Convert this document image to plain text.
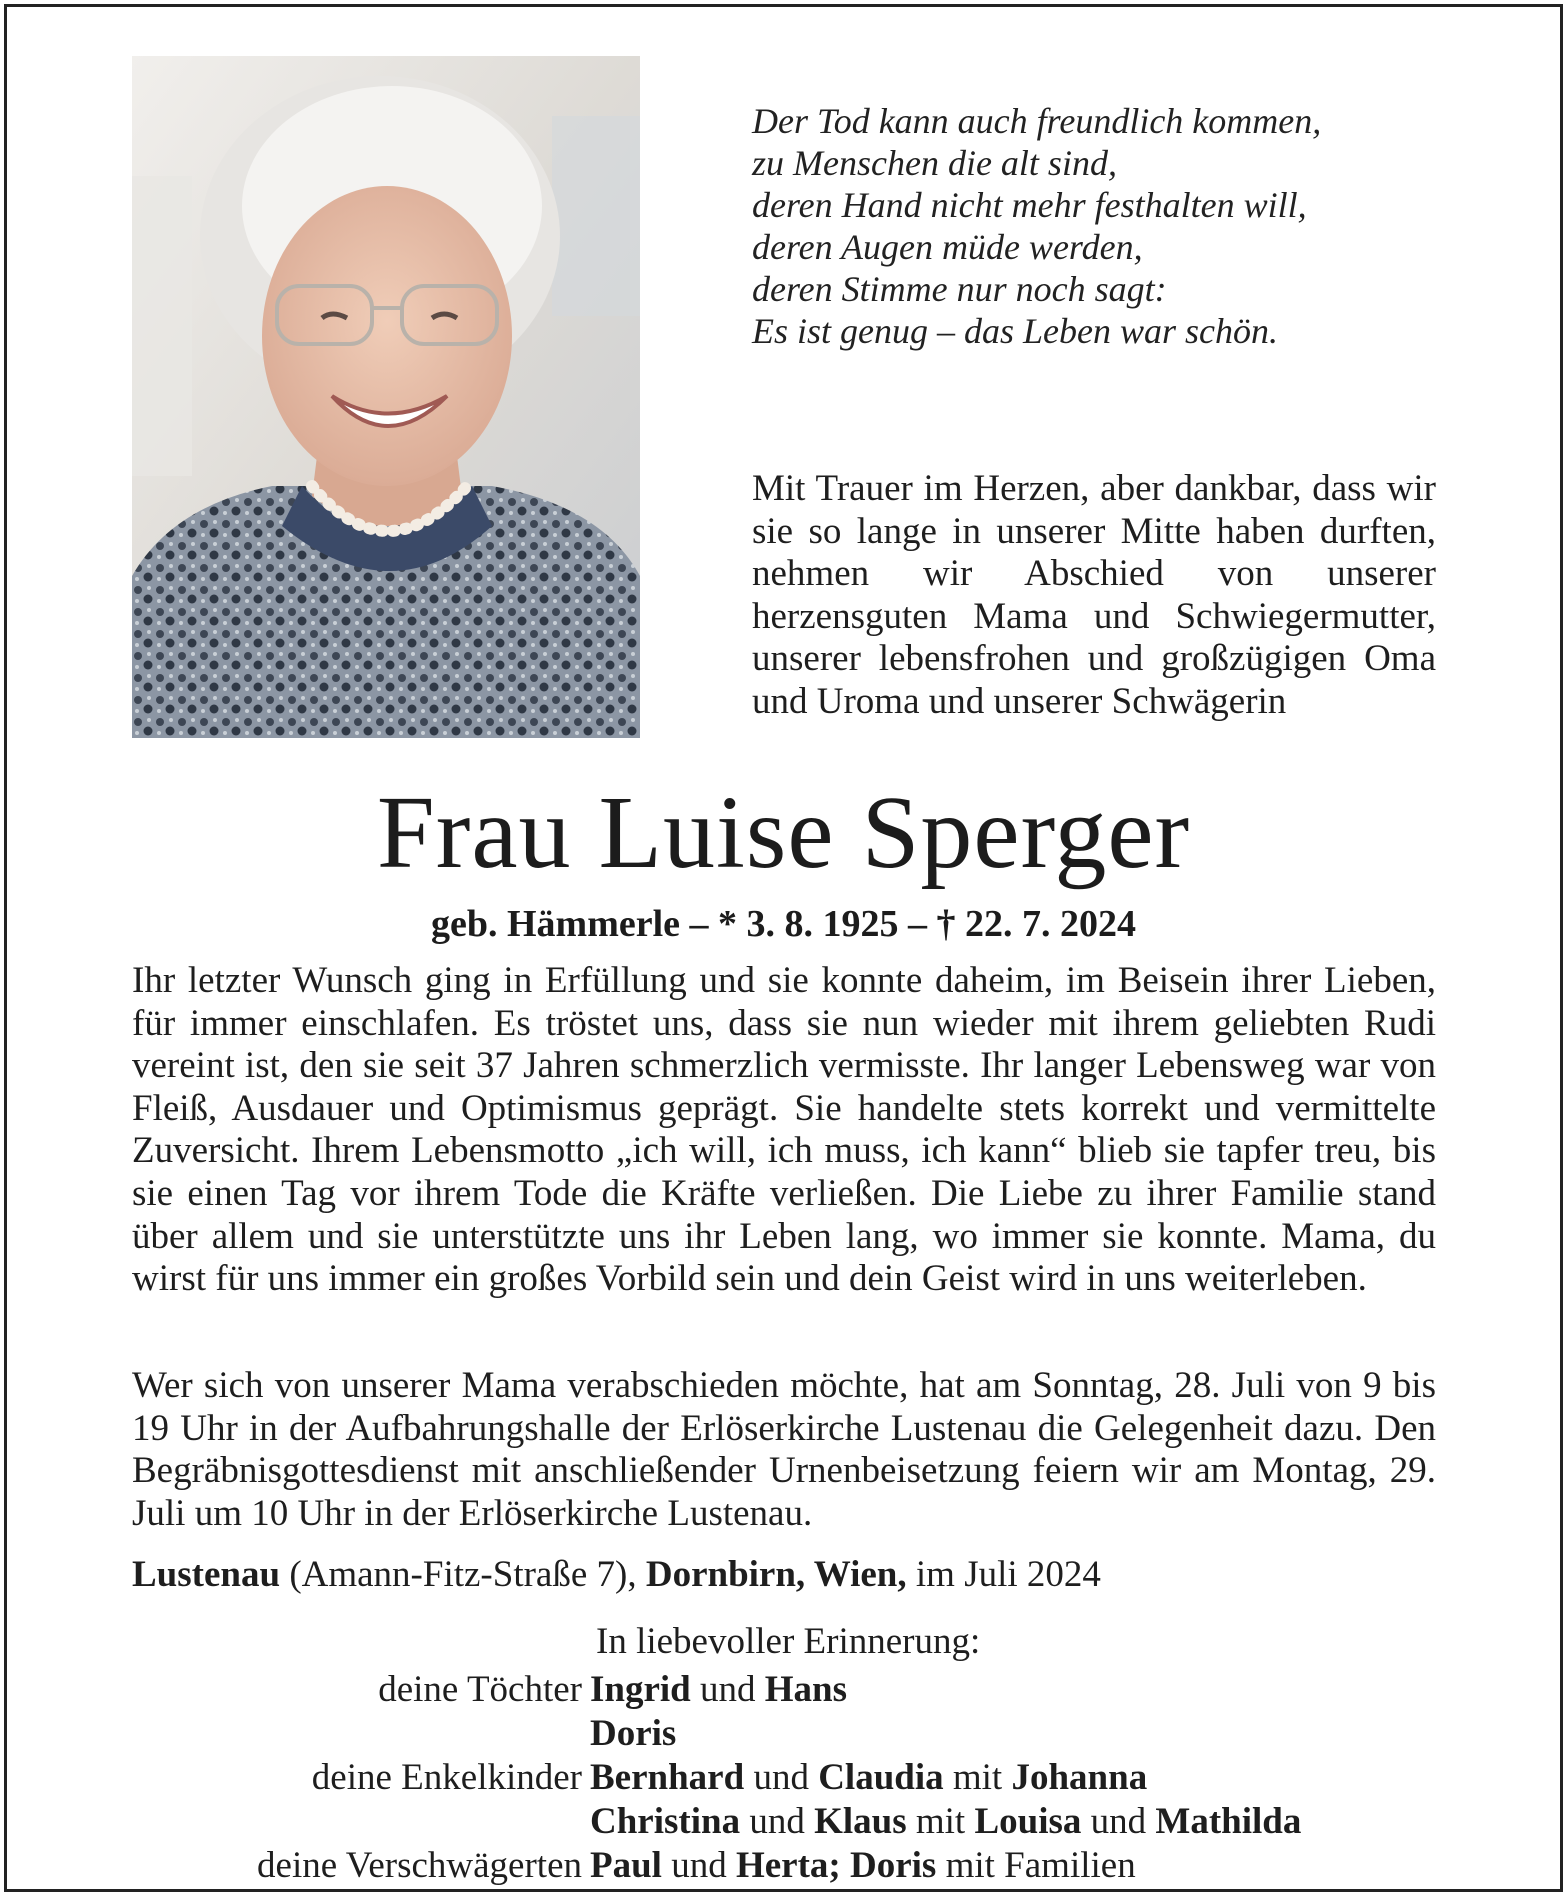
Der Tod kann auch freundlich kommen,
zu Menschen die alt sind,
deren Hand nicht mehr festhalten will,
deren Augen müde werden,
deren Stimme nur noch sagt:
Es ist genug – das Leben war schön.
Mit Trauer im Herzen, aber dankbar, dass wir sie so lange in unserer Mitte haben durften, nehmen wir Abschied von unserer herzensguten Mama und Schwiegermutter, unserer lebensfrohen und großzügigen Oma und Uroma und unserer Schwägerin
Frau Luise Sperger
geb. Hämmerle – * 3. 8. 1925 – † 22. 7. 2024
Ihr letzter Wunsch ging in Erfüllung und sie konnte daheim, im Beisein ihrer Lieben, für immer einschlafen. Es tröstet uns, dass sie nun wieder mit ihrem geliebten Rudi vereint ist, den sie seit 37 Jahren schmerzlich vermisste. Ihr langer Lebensweg war von Fleiß, Ausdauer und Optimismus geprägt. Sie handelte stets korrekt und vermittelte Zuversicht. Ihrem Lebensmotto „ich will, ich muss, ich kann“ blieb sie tapfer treu, bis sie einen Tag vor ihrem Tode die Kräfte verließen. Die Liebe zu ihrer Familie stand über allem und sie unterstützte uns ihr Leben lang, wo immer sie konnte. Mama, du wirst für uns immer ein großes Vorbild sein und dein Geist wird in uns weiterleben.
Wer sich von unserer Mama verabschieden möchte, hat am Sonntag, 28. Juli von 9 bis 19 Uhr in der Aufbahrungshalle der Erlöserkirche Lustenau die Gelegenheit dazu. Den Begräbnisgottesdienst mit anschließender Urnenbeisetzung feiern wir am Montag, 29. Juli um 10 Uhr in der Erlöserkirche Lustenau.
Lustenau (Amann-Fitz-Straße 7), Dornbirn, Wien, im Juli 2024
In liebevoller Erinnerung:
deine Töchter Ingrid und Hans
Doris
deine Enkelkinder Bernhard und Claudia mit Johanna
Christina und Klaus mit Louisa und Mathilda
deine Verschwägerten Paul und Herta; Doris mit Familien
